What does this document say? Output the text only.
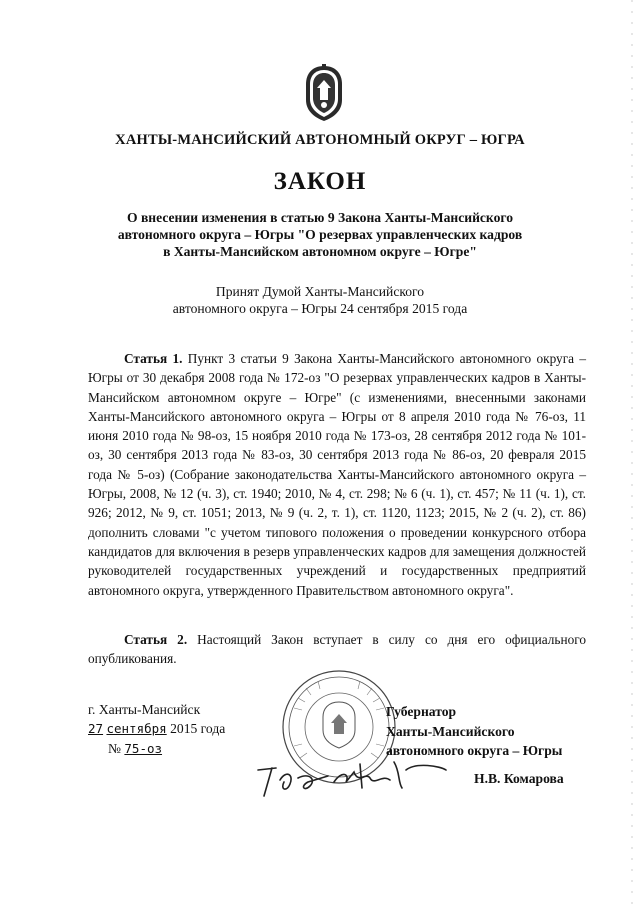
ХАНТЫ-МАНСИЙСКИЙ АВТОНОМНЫЙ ОКРУГ – ЮГРА
ЗАКОН
О внесении изменения в статью 9 Закона Ханты-Мансийского
автономного округа – Югры "О резервах управленческих кадров
в Ханты-Мансийском автономном округе – Югре"
Принят Думой Ханты-Мансийского
автономного округа – Югры 24 сентября 2015 года

Статья 1. Пункт 3 статьи 9 Закона Ханты-Мансийского автономного округа – Югры от 30 декабря 2008 года № 172-оз "О резервах управленческих кадров в Ханты-Мансийском автономном округе – Югре" (с изменениями, внесенными законами Ханты-Мансийского автономного округа – Югры от 8 апреля 2010 года № 76-оз, 11 июня 2010 года № 98-оз, 15 ноября 2010 года № 173-оз, 28 сентября 2012 года № 101-оз, 30 сентября 2013 года № 83-оз, 30 сентября 2013 года № 86-оз, 20 февраля 2015 года № 5-оз) (Собрание законодательства Ханты-Мансийского автономного округа – Югры, 2008, № 12 (ч. 3), ст. 1940; 2010, № 4, ст. 298; № 6 (ч. 1), ст. 457; № 11 (ч. 1), ст. 926; 2012, № 9, ст. 1051; 2013, № 9 (ч. 2, т. 1), ст. 1120, 1123; 2015, № 2 (ч. 2), ст. 86) дополнить словами "с учетом типового положения о проведении конкурсного отбора кандидатов для включения в резерв управленческих кадров для замещения должностей руководителей государственных учреждений и государственных предприятий автономного округа, утвержденного Правительством автономного округа".

Статья 2. Настоящий Закон вступает в силу со дня его официального опубликования.

г. Ханты-Мансийск
27 сентября 2015 года
№ 75-оз
Губернатор
Ханты-Мансийского
автономного округа – Югры
Н.В. Комарова
